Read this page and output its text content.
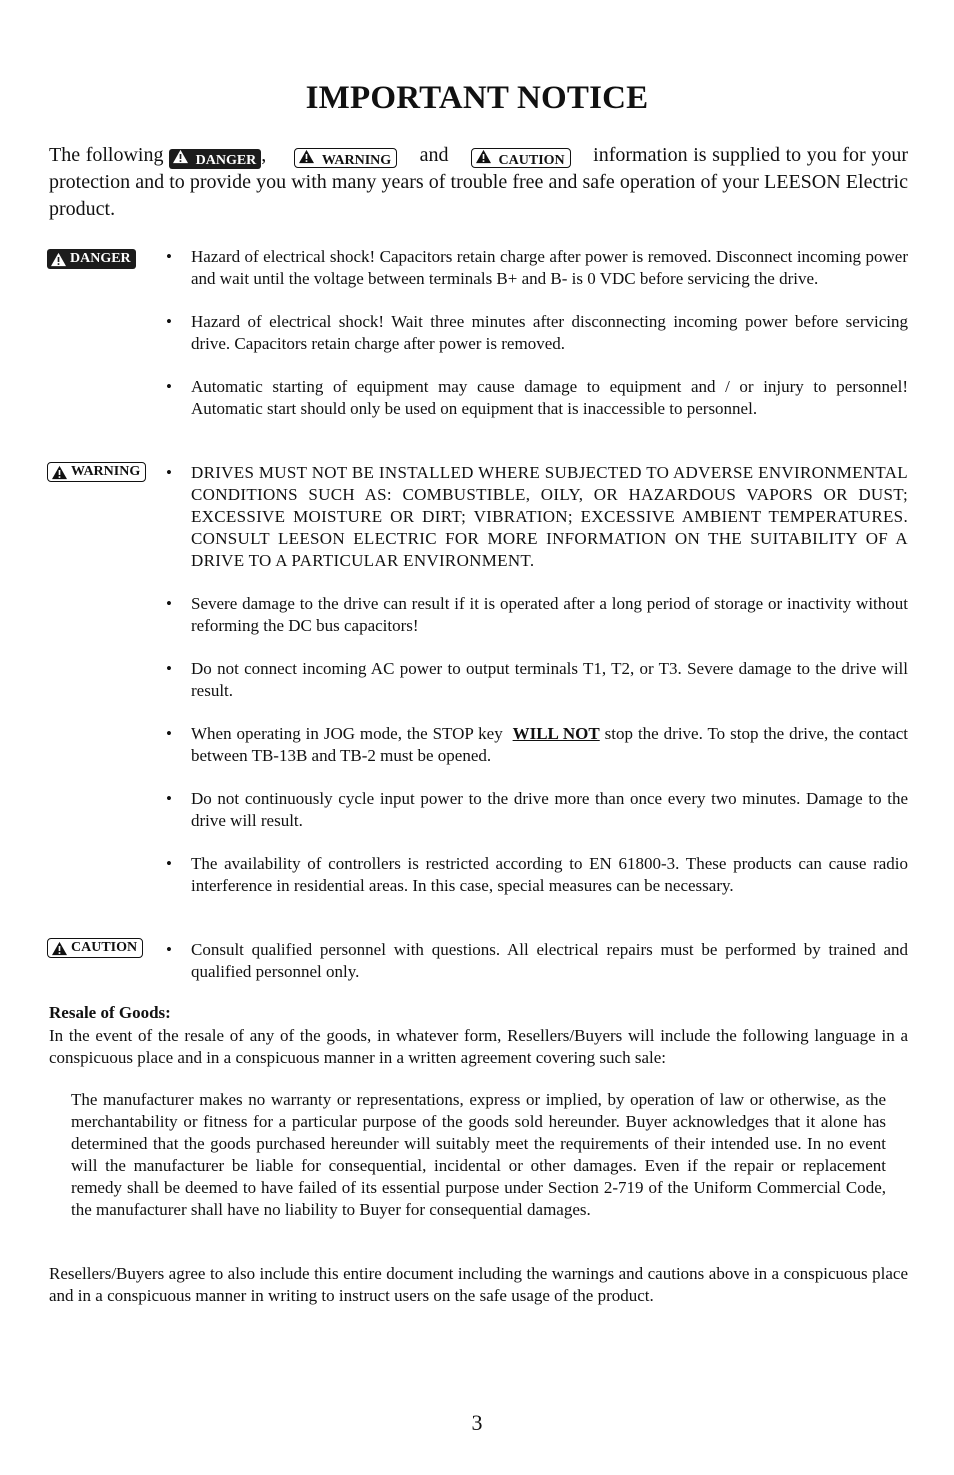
IMPORTANT NOTICE

The following DANGER ,	WARNING and	CAUTION information is supplied to you for your protection and to provide you with many years of trouble free and safe operation of your LEESON Electric product.

DANGER • Hazard of electrical shock! Capacitors retain charge after power is removed. Disconnect incoming power and wait until the voltage between terminals B+ and B- is 0 VDC before servicing the drive.
• Hazard of electrical shock! Wait three minutes after disconnecting incoming power before servicing drive. Capacitors retain charge after power is removed.
• Automatic starting of equipment may cause damage to equipment and / or injury to personnel! Automatic start should only be used on equipment that is inaccessible to personnel.
WARNING • DRIVES MUST NOT BE INSTALLED WHERE SUBJECTED TO ADVERSE ENVIRONMENTAL CONDITIONS SUCH AS: COMBUSTIBLE, OILY, OR HAZARDOUS VAPORS OR DUST; EXCESSIVE MOISTURE OR DIRT; VIBRATION; EXCESSIVE AMBIENT TEMPERATURES. CONSULT LEESON ELECTRIC FOR MORE INFORMATION ON THE SUITABILITY OF A DRIVE TO A PARTICULAR ENVIRONMENT.
• Severe damage to the drive can result if it is operated after a long period of storage or inactivity without reforming the DC bus capacitors!
• Do not connect incoming AC power to output terminals T1, T2, or T3. Severe damage to the drive will result.
• When operating in JOG mode, the STOP key  WILL NOT stop the drive. To stop the drive, the contact between TB-13B and TB-2 must be opened.
• Do not continuously cycle input power to the drive more than once every two minutes. Damage to the drive will result.
• The availability of controllers is restricted according to EN 61800-3. These products can cause radio interference in residential areas. In this case, special measures can be necessary.
CAUTION • Consult qualified personnel with questions. All electrical repairs must be performed by trained and qualified personnel only.

Resale of Goods:

In the event of the resale of any of the goods, in whatever form, Resellers/Buyers will include the following language in a conspicuous place and in a conspicuous manner in a written agreement covering such sale:

The manufacturer makes no warranty or representations, express or implied, by operation of law or otherwise, as the merchantability or fitness for a particular purpose of the goods sold hereunder. Buyer acknowledges that it alone has determined that the goods purchased hereunder will suitably meet the requirements of their intended use. In no event will the manufacturer be liable for consequential, incidental or other damages. Even if the repair or replacement remedy shall be deemed to have failed of its essential purpose under Section 2-719 of the Uniform Commercial Code, the manufacturer shall have no liability to Buyer for consequential damages.

Resellers/Buyers agree to also include this entire document including the warnings and cautions above in a conspicuous place and in a conspicuous manner in writing to instruct users on the safe usage of the product.

3
